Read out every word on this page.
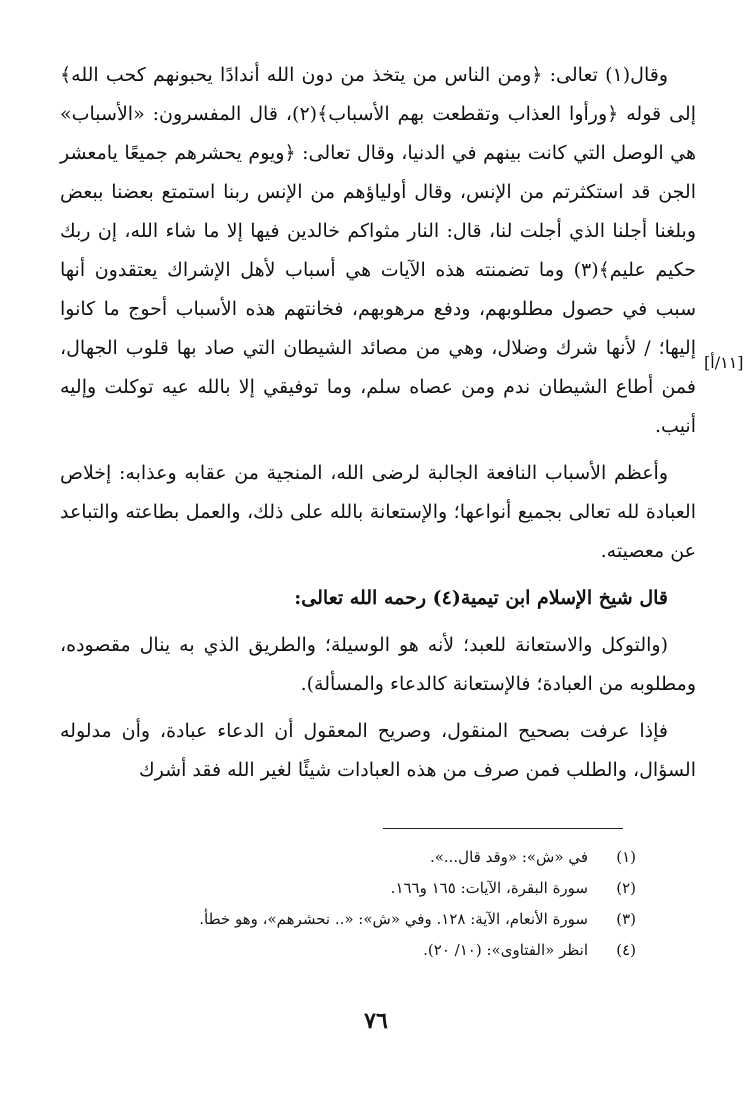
وقال(١) تعالى: ﴿ومن الناس من يتخذ من دون الله أندادًا يحبونهم كحب الله﴾ إلى قوله ﴿ورأوا العذاب وتقطعت بهم الأسباب﴾(٢)، قال المفسرون: «الأسباب» هي الوصل التي كانت بينهم في الدنيا، وقال تعالى: ﴿ويوم يحشرهم جميعًا يامعشر الجن قد استكثرتم من الإنس، وقال أولياؤهم من الإنس ربنا استمتع بعضنا ببعض وبلغنا أجلنا الذي أجلت لنا، قال: النار مثواكم خالدين فيها إلا ما شاء الله، إن ربك حكيم عليم﴾(٣) وما تضمنته هذه الآيات هي أسباب لأهل الإشراك يعتقدون أنها سبب في حصول مطلوبهم، ودفع مرهوبهم، فخانتهم هذه الأسباب أحوج ما كانوا إليها؛ / لأنها شرك وضلال، وهي من مصائد الشيطان التي صاد بها قلوب الجهال، فمن أطاع الشيطان ندم ومن عصاه سلم، وما توفيقي إلا بالله عيه توكلت وإليه أنيب.

وأعظم الأسباب النافعة الجالبة لرضى الله، المنجية من عقابه وعذابه: إخلاص العبادة لله تعالى بجميع أنواعها؛ والإستعانة بالله على ذلك، والعمل بطاعته والتباعد عن معصيته.

قال شيخ الإسلام ابن تيمية(٤) رحمه الله تعالى:

(والتوكل والاستعانة للعبد؛ لأنه هو الوسيلة؛ والطريق الذي به ينال مقصوده، ومطلوبه من العبادة؛ فالإستعانة كالدعاء والمسألة).

فإذا عرفت بصحيح المنقول، وصريح المعقول أن الدعاء عبادة، وأن مدلوله السؤال، والطلب فمن صرف من هذه العبادات شيئًا لغير الله فقد أشرك

[١١/أ]
(١)
في «ش»: «وقد قال...».
(٢)
سورة البقرة، الآيات: ١٦٥ و١٦٦.
(٣)
سورة الأنعام، الآية: ١٢٨. وفي «ش»: «.. نحشرهم»، وهو خطأ.
(٤)
انظر «الفتاوى»: (١٠/ ٢٠).
٧٦
